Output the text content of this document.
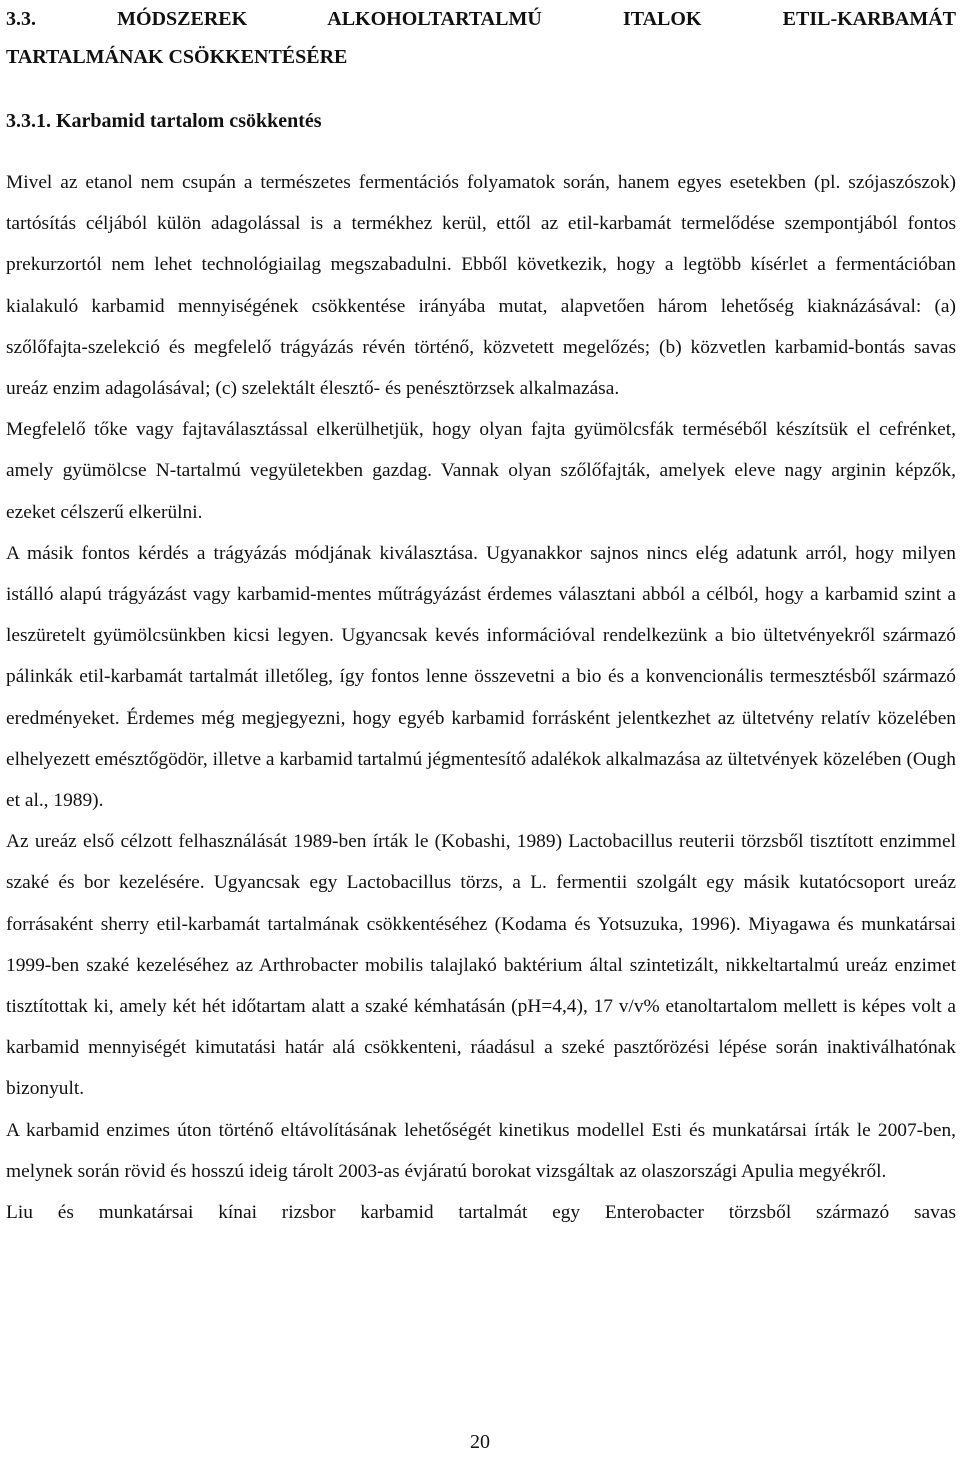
3.3. MÓDSZEREK ALKOHOLTARTALMÚ ITALOK ETIL-KARBAMÁT
TARTALMÁNAK CSÖKKENTÉSÉRE
3.3.1. Karbamid tartalom csökkentés

Mivel az etanol nem csupán a természetes fermentációs folyamatok során, hanem egyes esetekben (pl. szójaszószok) tartósítás céljából külön adagolással is a termékhez kerül, ettől az etil-karbamát termelődése szempontjából fontos prekurzortól nem lehet technológiailag megszabadulni. Ebből következik, hogy a legtöbb kísérlet a fermentációban kialakuló karbamid mennyiségének csökkentése irányába mutat, alapvetően három lehetőség kiaknázásával: (a) szőlőfajta-szelekció és megfelelő trágyázás révén történő, közvetett megelőzés; (b) közvetlen karbamid-bontás savas ureáz enzim adagolásával; (c) szelektált élesztő- és penésztörzsek alkalmazása.

Megfelelő tőke vagy fajtaválasztással elkerülhetjük, hogy olyan fajta gyümölcsfák terméséből készítsük el cefrénket, amely gyümölcse N-tartalmú vegyületekben gazdag. Vannak olyan szőlőfajták, amelyek eleve nagy arginin képzők, ezeket célszerű elkerülni.

A másik fontos kérdés a trágyázás módjának kiválasztása. Ugyanakkor sajnos nincs elég adatunk arról, hogy milyen istálló alapú trágyázást vagy karbamid-mentes műtrágyázást érdemes választani abból a célból, hogy a karbamid szint a leszüretelt gyümölcsünkben kicsi legyen. Ugyancsak kevés információval rendelkezünk a bio ültetvényekről származó pálinkák etil-karbamát tartalmát illetőleg, így fontos lenne összevetni a bio és a konvencionális termesztésből származó eredményeket. Érdemes még megjegyezni, hogy egyéb karbamid forrásként jelentkezhet az ültetvény relatív közelében elhelyezett emésztőgödör, illetve a karbamid tartalmú jégmentesítő adalékok alkalmazása az ültetvények közelében (Ough et al., 1989).

Az ureáz első célzott felhasználását 1989-ben írták le (Kobashi, 1989) Lactobacillus reuterii törzsből tisztított enzimmel szaké és bor kezelésére. Ugyancsak egy Lactobacillus törzs, a L. fermentii szolgált egy másik kutatócsoport ureáz forrásaként sherry etil-karbamát tartalmának csökkentéséhez (Kodama és Yotsuzuka, 1996). Miyagawa és munkatársai 1999-ben szaké kezeléséhez az Arthrobacter mobilis talajlakó baktérium által szintetizált, nikkeltartalmú ureáz enzimet tisztítottak ki, amely két hét időtartam alatt a szaké kémhatásán (pH=4,4), 17 v/v% etanoltartalom mellett is képes volt a karbamid mennyiségét kimutatási határ alá csökkenteni, ráadásul a szeké pasztőrözési lépése során inaktiválhatónak bizonyult.

A karbamid enzimes úton történő eltávolításának lehetőségét kinetikus modellel Esti és munkatársai írták le 2007-ben, melynek során rövid és hosszú ideig tárolt 2003-as évjáratú borokat vizsgáltak az olaszországi Apulia megyékről.

Liu és munkatársai kínai rizsbor karbamid tartalmát egy Enterobacter törzsből származó savas

20
